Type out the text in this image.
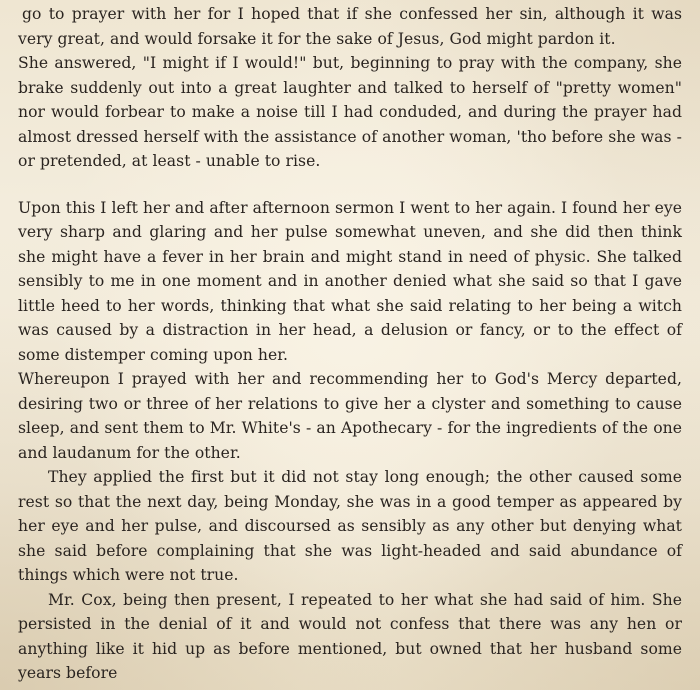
go to prayer with her for I hoped that if she confessed her sin, although it was very great, and would forsake it for the sake of Jesus, God might pardon it.

She answered, "I might if I would!" but, beginning to pray with the company, she brake suddenly out into a great laughter and talked to herself of "pretty women" nor would forbear to make a noise till I had conduded, and during the prayer had almost dressed herself with the assistance of another woman, 'tho before she was - or pretended, at least - unable to rise.

Upon this I left her and after afternoon sermon I went to her again. I found her eye very sharp and glaring and her pulse somewhat uneven, and she did then think she might have a fever in her brain and might stand in need of physic. She talked sensibly to me in one moment and in another denied what she said so that I gave little heed to her words, thinking that what she said relating to her being a witch was caused by a distraction in her head, a delusion or fancy, or to the effect of some distemper coming upon her.

Whereupon I prayed with her and recommending her to God's Mercy departed, desiring two or three of her relations to give her a clyster and something to cause sleep, and sent them to Mr. White's - an Apothecary - for the ingredients of the one and laudanum for the other.

They applied the first but it did not stay long enough; the other caused some rest so that the next day, being Monday, she was in a good temper as appeared by her eye and her pulse, and discoursed as sensibly as any other but denying what she said before complaining that she was light-headed and said abundance of things which were not true.

Mr. Cox, being then present, I repeated to her what she had said of him. She persisted in the denial of it and would not confess that there was any hen or anything like it hid up as before mentioned, but owned that her husband some years before
